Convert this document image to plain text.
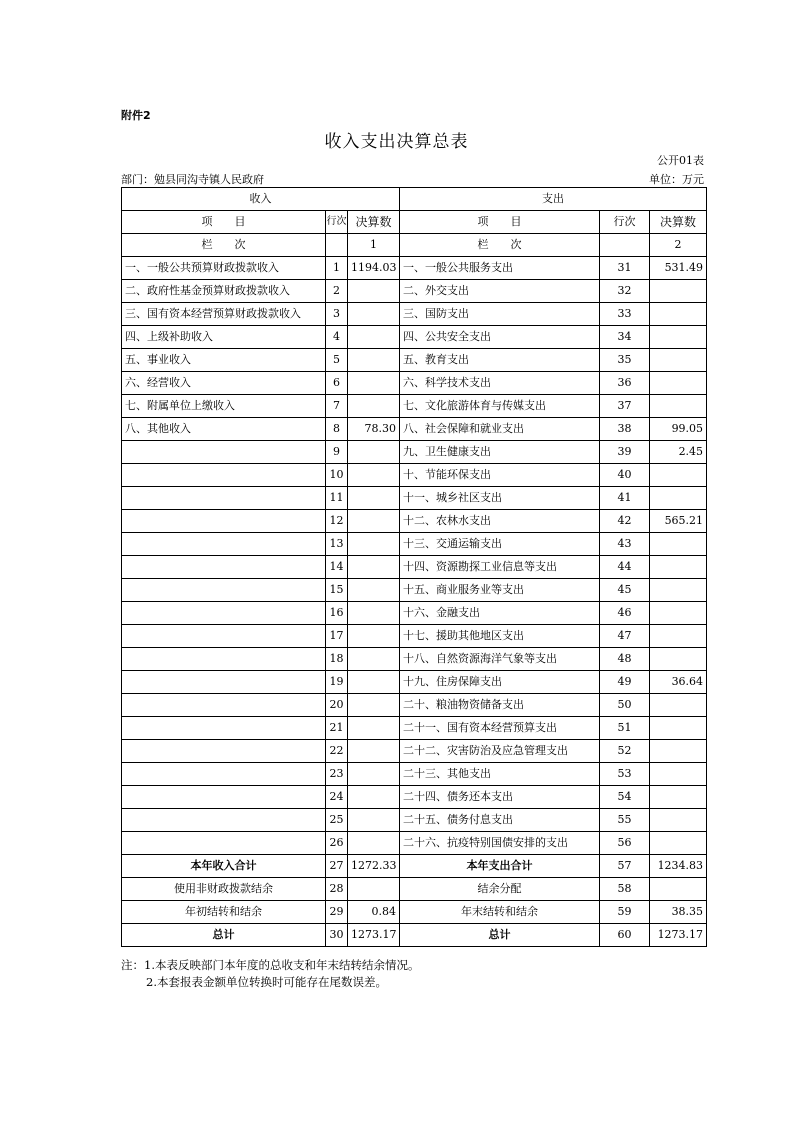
附件2
收入支出决算总表
公开01表
部门：勉县同沟寺镇人民政府	单位：万元
收入			支出		
项　　目	行次	决算数	项　　目	行次	决算数
栏　　次		1	栏　　次		2
一、一般公共预算财政拨款收入	1	1194.03	一、一般公共服务支出	31	531.49
二、政府性基金预算财政拨款收入	2		二、外交支出	32	
三、国有资本经营预算财政拨款收入	3		三、国防支出	33	
四、上级补助收入	4		四、公共安全支出	34	
五、事业收入	5		五、教育支出	35	
六、经营收入	6		六、科学技术支出	36	
七、附属单位上缴收入	7		七、文化旅游体育与传媒支出	37	
八、其他收入	8	78.30	八、社会保障和就业支出	38	99.05
	9		九、卫生健康支出	39	2.45
	10		十、节能环保支出	40	
	11		十一、城乡社区支出	41	
	12		十二、农林水支出	42	565.21
	13		十三、交通运输支出	43	
	14		十四、资源勘探工业信息等支出	44	
	15		十五、商业服务业等支出	45	
	16		十六、金融支出	46	
	17		十七、援助其他地区支出	47	
	18		十八、自然资源海洋气象等支出	48	
	19		十九、住房保障支出	49	36.64
	20		二十、粮油物资储备支出	50	
	21		二十一、国有资本经营预算支出	51	
	22		二十二、灾害防治及应急管理支出	52	
	23		二十三、其他支出	53	
	24		二十四、债务还本支出	54	
	25		二十五、债务付息支出	55	
	26		二十六、抗疫特别国债安排的支出	56	
本年收入合计	27	1272.33	本年支出合计	57	1234.83
使用非财政拨款结余	28		结余分配	58	
年初结转和结余	29	0.84	年末结转和结余	59	38.35
总计	30	1273.17	总计	60	1273.17
注：1.本表反映部门本年度的总收支和年末结转结余情况。
2.本套报表金额单位转换时可能存在尾数误差。
